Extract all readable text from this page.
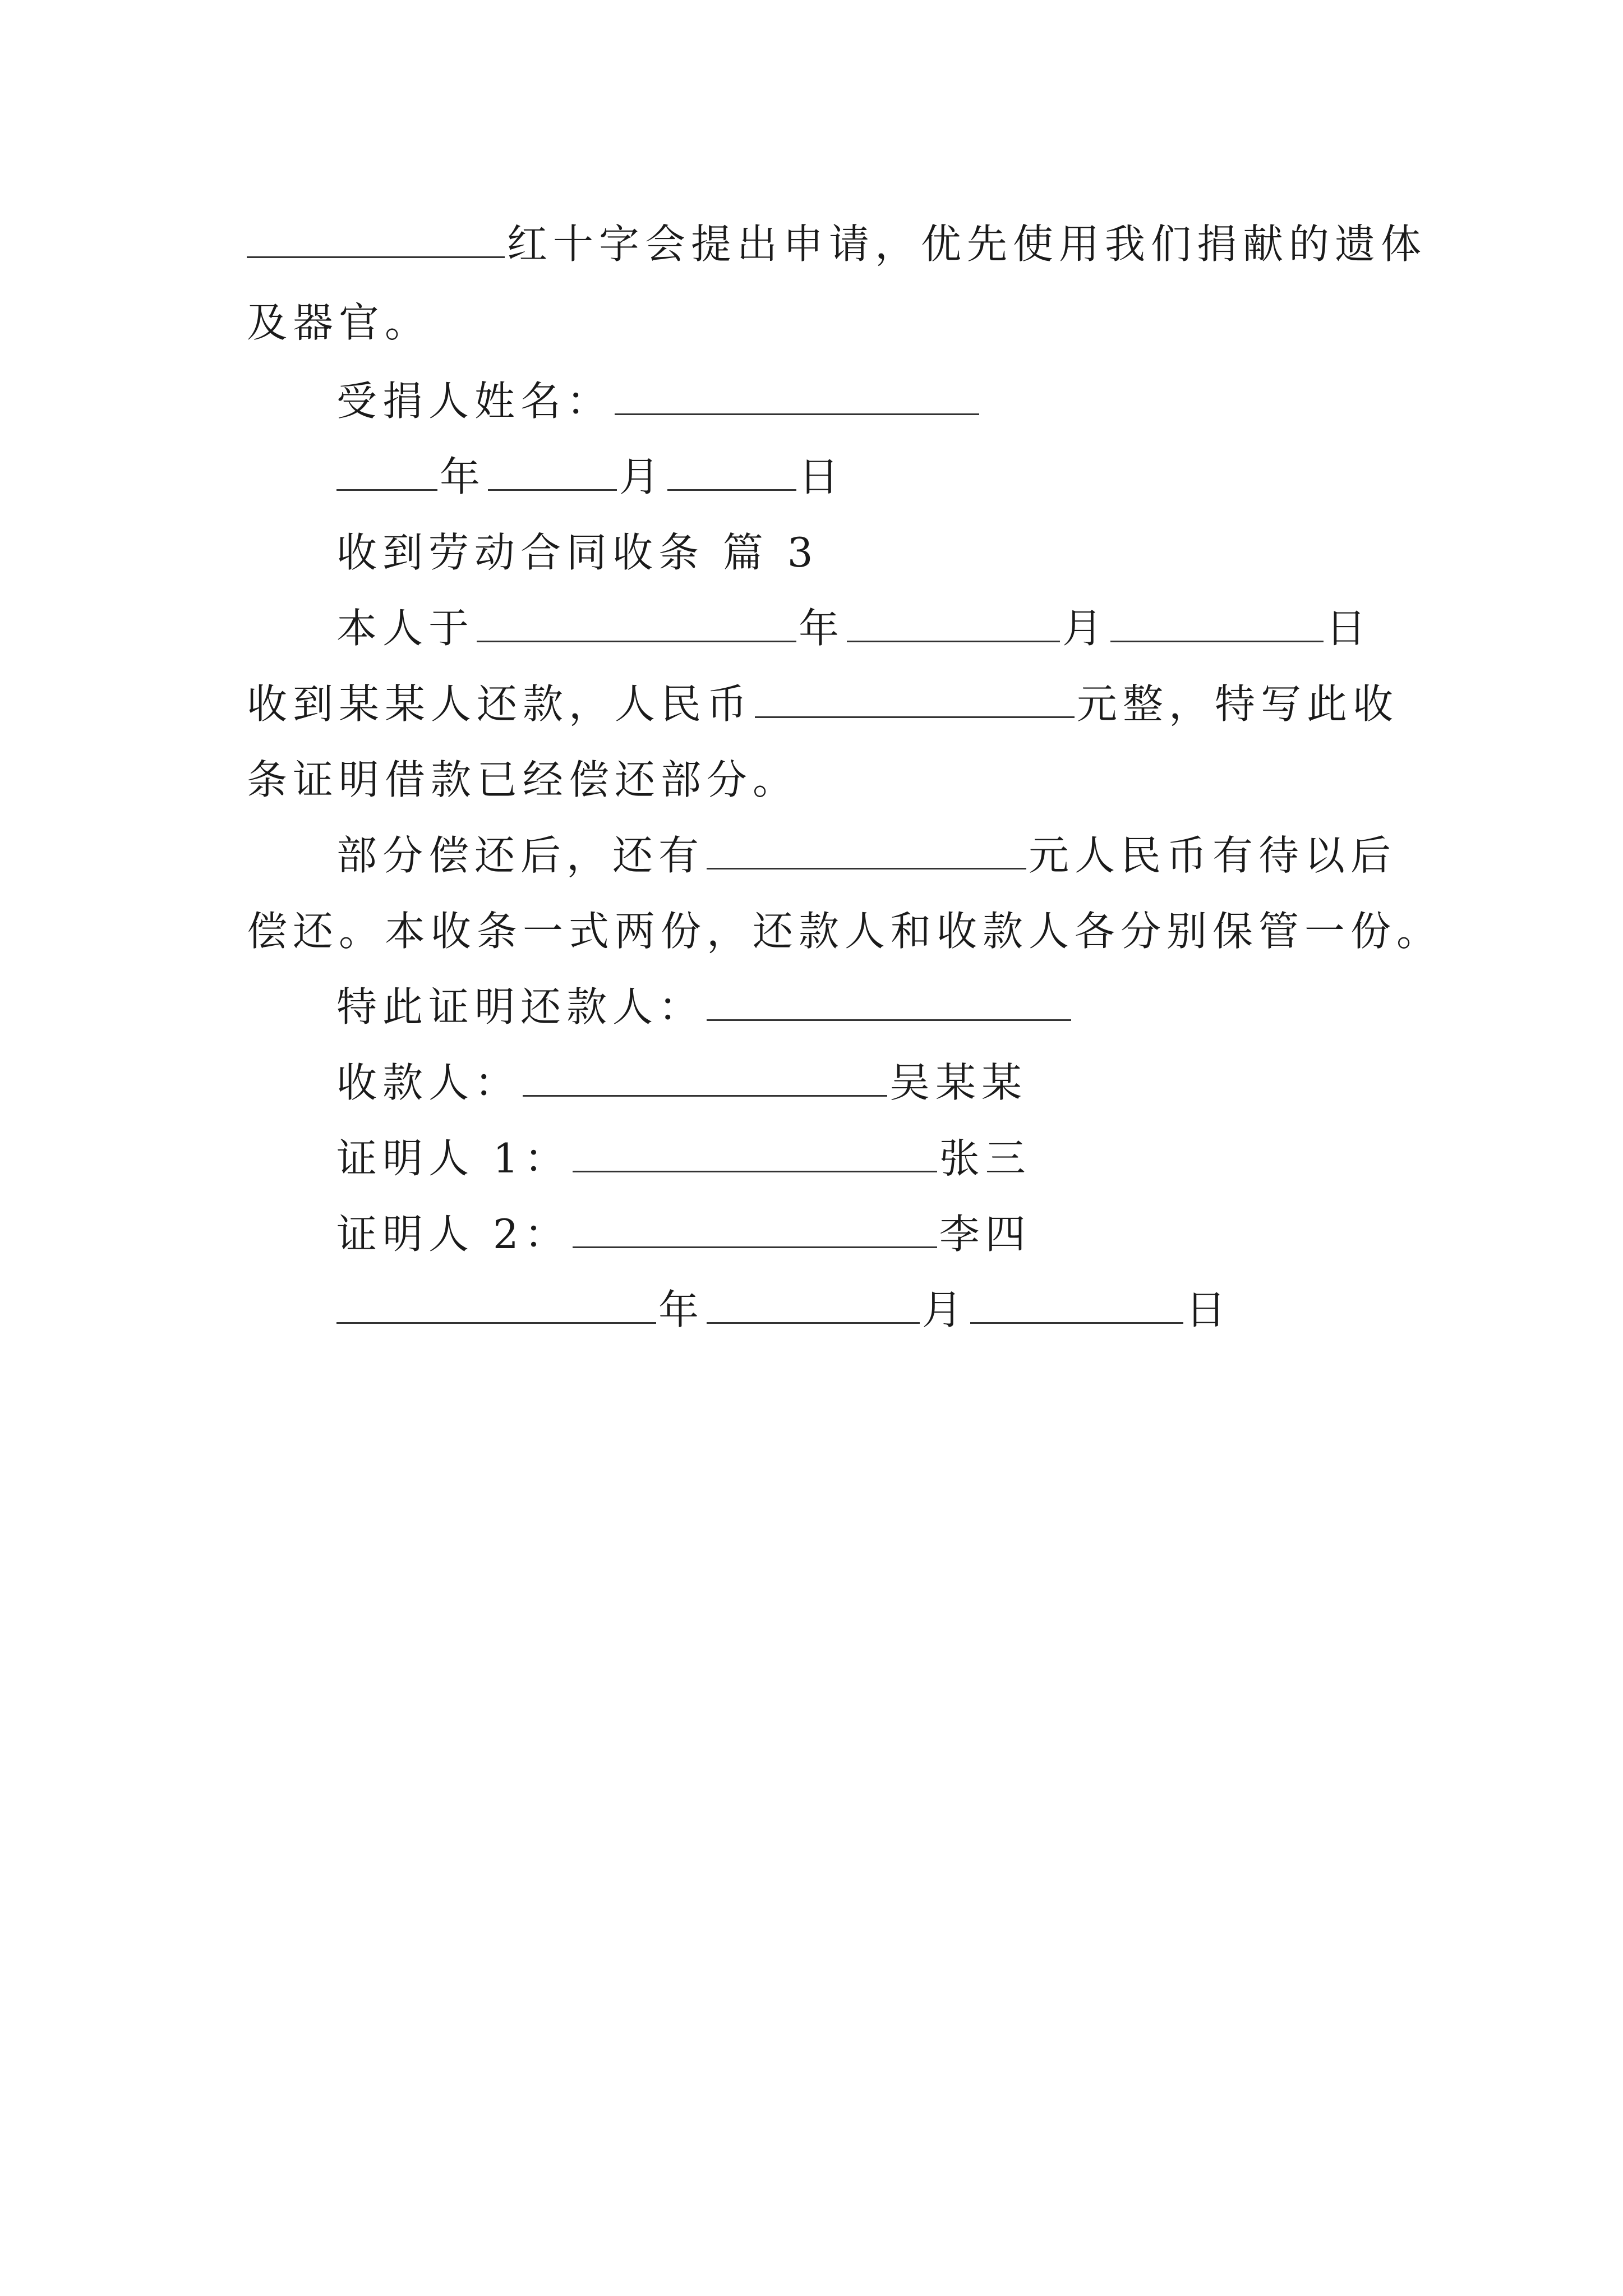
红十字会提出申请，优先使用我们捐献的遗体
及器官。
受捐人姓名：
年	月	日
收到劳动合同收条 篇 3
本人于	年	月	日
收到某某人还款，人民币	元整，特写此收
条证明借款已经偿还部分。
部分偿还后，还有	元人民币有待以后
偿还。本收条一式两份，还款人和收款人各分别保管一份。
特此证明还款人：
收款人：	吴某某
证明人 1：	张三
证明人 2：	李四
年	月	日
